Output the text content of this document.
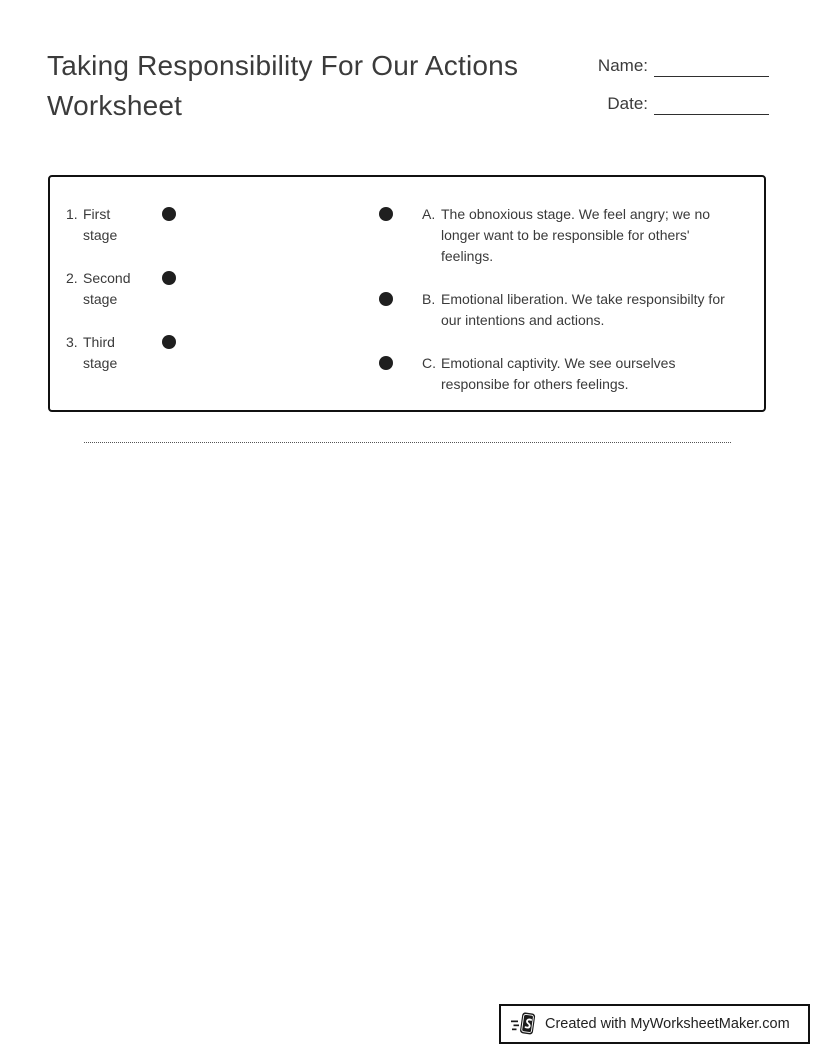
Taking Responsibility For Our Actions Worksheet
Name:
Date:
1. First stage
2. Second stage
3. Third stage
A. The obnoxious stage. We feel angry; we no longer want to be responsible for others' feelings.
B. Emotional liberation. We take responsibilty for our intentions and actions.
C. Emotional captivity. We see ourselves responsibe for others feelings.
Created with MyWorksheetMaker.com
